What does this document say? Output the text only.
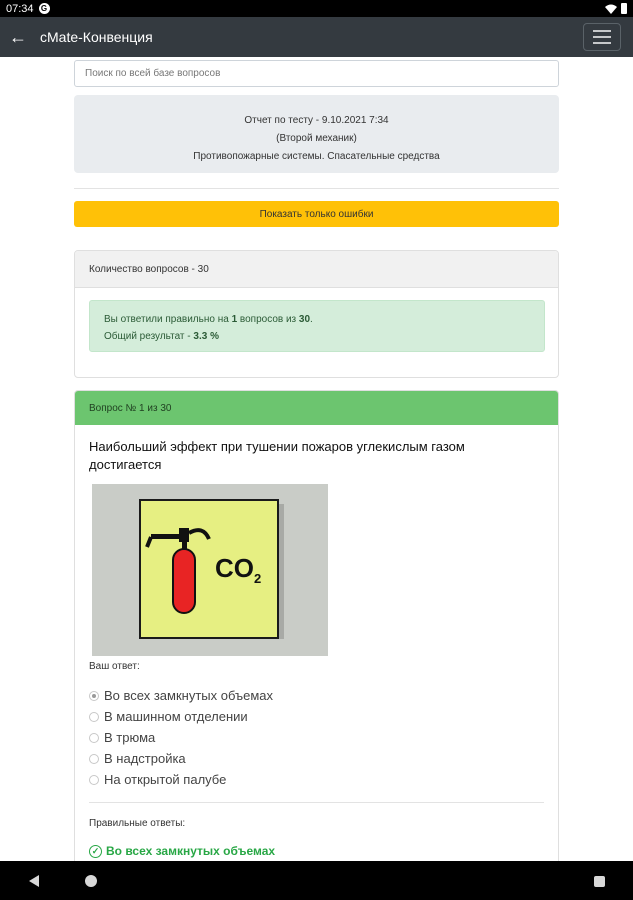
07:34 G
← cMate-Конвенция
Поиск по всей базе вопросов
Отчет по тесту - 9.10.2021 7:34
(Второй механик)
Противопожарные системы. Спасательные средства
Показать только ошибки
Количество вопросов - 30
Вы ответили правильно на 1 вопросов из 30.
Общий результат - 3.3 %
Вопрос № 1 из 30
Наибольший эффект при тушении пожаров углекислым газом достигается
CO 2
Ваш ответ:
Во всех замкнутых объемах
В машинном отделении
В трюма
В надстройка
На открытой палубе
Правильные ответы:
✓ Во всех замкнутых объемах
